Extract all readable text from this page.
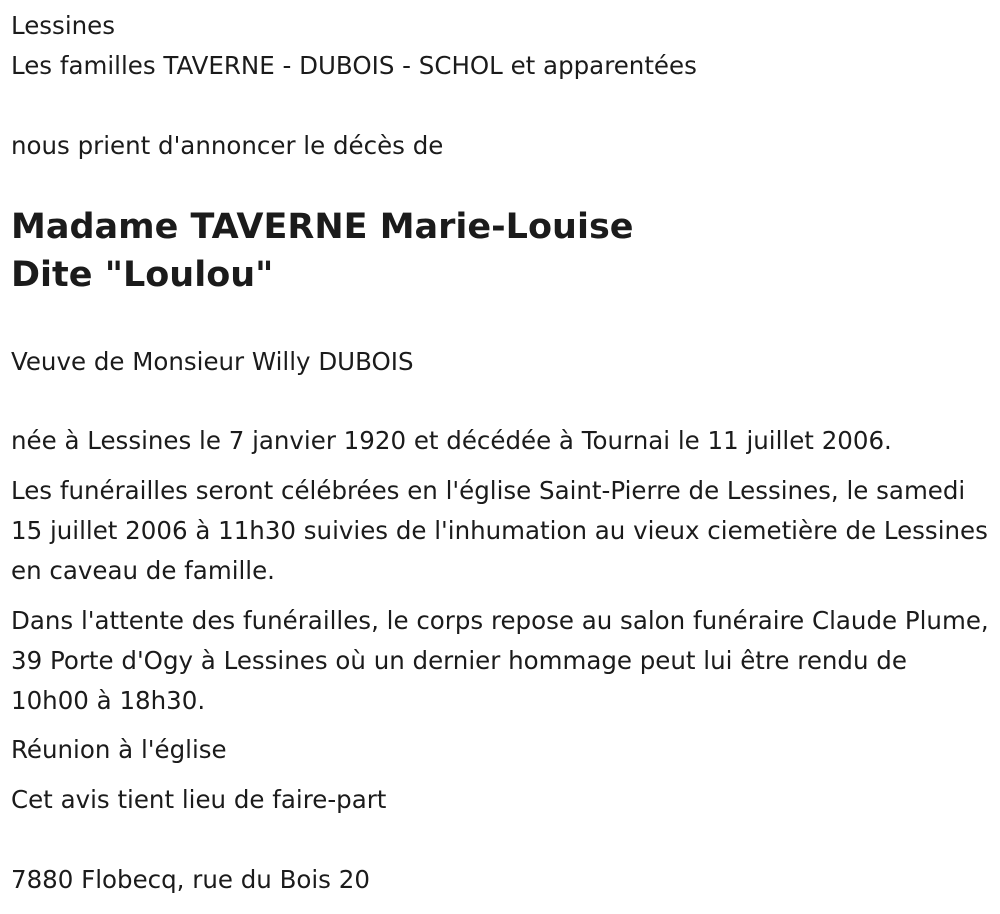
Lessines

Les familles TAVERNE - DUBOIS - SCHOL et apparentées

nous prient d'annoncer le décès de

Madame TAVERNE Marie-Louise

Dite "Loulou"

Veuve de Monsieur Willy DUBOIS

née à Lessines le 7 janvier 1920 et décédée à Tournai le 11 juillet 2006.

Les funérailles seront célébrées en l'église Saint-Pierre de Lessines, le samedi 15 juillet 2006 à 11h30 suivies de l'inhumation au vieux ciemetière de Lessines en caveau de famille.

Dans l'attente des funérailles, le corps repose au salon funéraire Claude Plume, 39 Porte d'Ogy à Lessines où un dernier hommage peut lui être rendu de 10h00 à 18h30.

Réunion à l'église

Cet avis tient lieu de faire-part

7880 Flobecq, rue du Bois 20
